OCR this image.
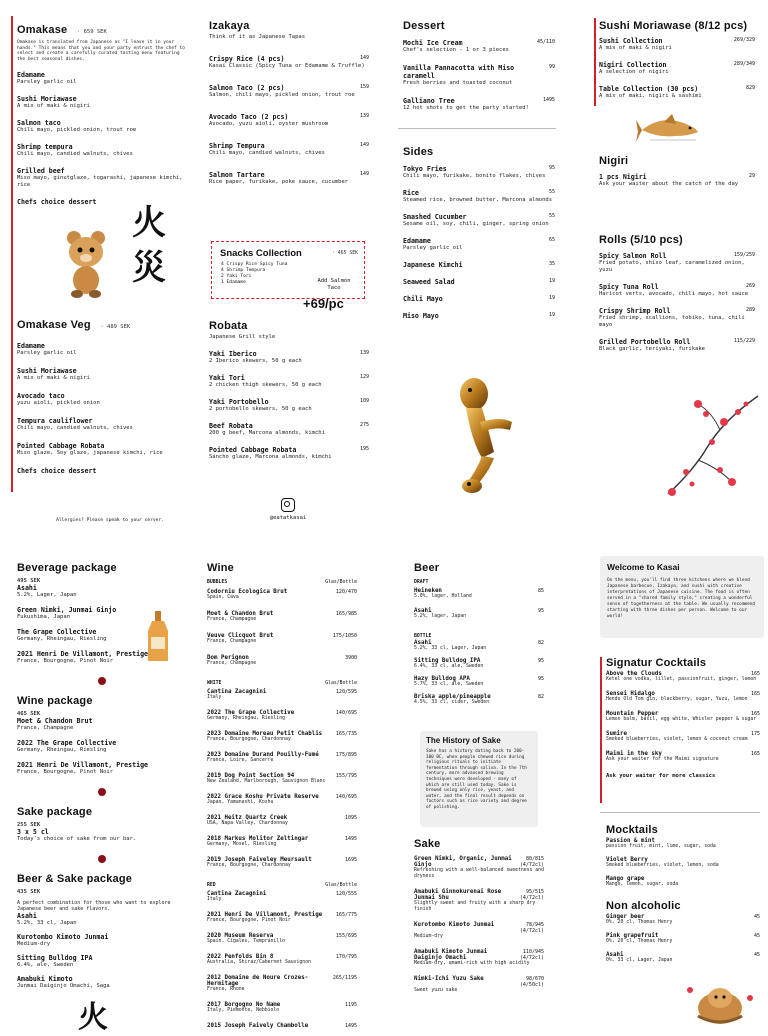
Omakase · 659 SEK
Omakase is translated from Japanese as "I leave it in your hands." This means that you and your party entrust the chef to select and create a carefully curated tasting menu featuring the best seasonal dishes.
Edamame
Parsley garlic oil
Sushi Moriawase
A mix of maki & nigiri
Salmon taco
Chili mayo, pickled onion, trout roe
Shrimp tempura
Chili mayo, candied walnuts, chives
Grilled beef
Miso mayo, ginutglaze, togarashi, japanese kimchi, rice
Chefs choice dessert
Omakase Veg · 489 SEK
Edamame
Parsley garlic oil
Sushi Moriawase
A mix of maki & nigiri
Avocado taco
yuzu aioli, pickled onion
Tempura cauliflower
Chili mayo, candied walnuts, chives
Pointed Cabbage Robata
Miso glaze, Soy glaze, japanese kimchi, rice
Chefs choice dessert
火
災
Izakaya
Think of it as Japanese Tapas
Crispy Rice (4 pcs)	149
Kasai Classic (Spicy Tuna or Edamame & Truffle)
Salmon Taco (2 pcs)	159
Salmon, chili mayo, pickled onion, trout roe
Avocado Taco (2 pcs)	139
Avocado, yuzu aioli, oyster mushroom
Shrimp Tempura	149
Chili mayo, candied walnuts, chives
Salmon Tartare	149
Rice paper, furikake, poke sauce, cucumber
Snacks Collection	· 465 SEK
4 Crispy Rice Spicy Tuna
4 Shrimp Tempura
2 Yaki Tori
1 Edamame	Add Salmon Taco
+69/pc
Robata
Japanese Grill style
Yaki Iberico	139
2 Iberico skewers, 50 g each
Yaki Tori	129
2 chicken thigh skewers, 50 g each
Yaki Portobello	109
2 portobello skewers, 50 g each
Beef Robata	275
200 g beef, Marcona almonds, kimchi
Pointed Cabbage Robata	195
Sancho glaze, Marcona almonds, kimchi
@eatatkasai
Allergies? Please speak to your server.
Dessert
Mochi Ice Cream	45/110
Chef's selection - 1 or 3 pieces
Vanilla Pannacotta with Miso caramell
99
Fresh berries and toasted coconut
Galliano Tree	1495
12 hot shots to get the party started!
Sides
Tokyo Fries	95
Chili mayo, furikake, bonito flakes, chives
Rice	55
Steamed rice, browned butter, Marcona almonds
Smashed Cucumber	55
Sesame oil, soy, chili, ginger, spring onion
Edamame	65
Parsley garlic oil
Japanese Kimchi	35
Seaweed Salad	19
Chili Mayo	19
Miso Mayo	19
Sushi Moriawase (8/12 pcs)
Sushi Collection	269/329
A mix of maki & nigiri
Nigiri Collection	289/349
A selection of nigiri
Table Collection (30 pcs)	829
A mix of maki, nigiri & sashimi
Nigiri
1 pcs Nigiri	29
Ask your waiter about the catch of the day
Rolls (5/10 pcs)
Spicy Salmon Roll	159/259
Fried potato, shiso leaf, caramelized onion, yuzu
Spicy Tuna Roll	269
Haricot verts, avocado, chili mayo, hot sauce
Crispy Shrimp Roll	289
Fried shrimp, scallions, tobiko, tuna, chili mayo
Grilled Portobello Roll	115/229
Black garlic, teriyaki, furikake
Beverage package
495 SEK
Asahi
5.2%, Lager, Japan
Green Nimki, Junmai Ginjo
Fukushima, Japan
The Grape Collective
Germany, Rheingau, Riesling
2021 Henri De Villamont, Prestige
France, Bourgogne, Pinot Noir
Wine package
465 SEK
Moet & Chandon Brut
France, Champagne
2022 The Grape Collective
Germany, Rheingau, Riesling
2021 Henri De Villamont, Prestige
France, Bourgogne, Pinot Noir
Sake package
255 SEK
3 x 5 cl
Today's choice of sake from our bar.
Beer & Sake package
435 SEK
A perfect combination for those who want to explore Japanese beer and sake flavors.
Asahi
5.2%, 33 cl, Japan
Kurotombo Kimoto Junmai
Medium-dry
Sitting Bulldog IPA
6.4%, ale, Sweden
Amabuki Kimoto
Junmai Daiginjo Omachi, Saga
火
Wine
BUBBLES	Glas/Bottle
Codorniu Ecologica Brut	120/470
Spain, Cava
Moet & Chandon Brut	165/985
France, Champagne
Veuve Clicquot Brut	175/1050
France, Champagne
Dom Perignon	3900
France, Champagne
WHITE	Glas/Bottle
Cantina Zacagnini	120/595
Italy
2022 The Grape Collective	140/695
Germany, Rheingau, Riesling
2023 Domaine Moreau Petit Chablis	165/735
France, Bourgogne, Chardonnay
2023 Domaine Durand Pouilly-Fumé	175/895
France, Loire, Sancerre
2019 Dog Point Section 94	155/795
New Zealand, Marlborough, Sauvignon Blanc
2022 Grace Koshu Private Reserve	140/695
Japan, Yamanashi, Koshu
2021 Heitz Quartz Creek	1095
USA, Napa Valley, Chardonnay
2018 Markus Molitor Zeltingar	1495
Germany, Mosel, Riesling
2019 Joseph Faiveley Meursault	1695
France, Bourgogne, Chardonnay
RED	Glas/Bottle
Cantina Zacagnini	120/555
Italy
2021 Henri De Villamont, Prestige	165/775
France, Bourgogne, Pinot Noir
2020 Museum Reserva	155/695
Spain, Cigales, Tempranillo
2022 Penfolds Bin 8	170/795
Australia, Shiraz/Cabernet Sauvignon
2012 Domaine de Noure Crozes-Hermitage
265/1195
France, Rhone
2017 Borgogno No Name	1195
Italy, Piemonte, Nebbiolo
2015 Joseph Faively Chambolle	1495
Beer
DRAFT
Heineken	85
5.0%, lager, Holland
Asahi	95
5.2%, lager, Japan
BOTTLE
Asahi	82
5.2%, 33 cl, Lager, Japan
Sitting Bulldog IPA	95
6.4%, 33 cl, ale, Sweden
Hazy Bulldog APA	95
5.7%, 33 cl, ale, Sweden
Briska apple/pineapple	82
4.5%, 33 cl, cider, Sweden
The History of Sake
Sake has a history dating back to 200-300 BC, when people chewed rice during religious rituals to initiate fermentation through saliva. In the 7th century, more advanced brewing techniques were developed - many of which are still used today. Sake is brewed using only rice, yeast, and water, and the final result depends on factors such as rice variety and degree of polishing.
Sake
Green Nimki, Organic, Junmai Ginjo
80/815
(4/72cl)
Refreshing with a well-balanced sweetness and dryness
Amabuki Ginnokurenai Rose Junmai Shu
95/515
(4/72cl)
Slightly sweet and fruity with a sharp dry finish
Kurotombo Kimoto Junmai	78/945
(4/72cl)
Medium-dry
Amabuki Kimoto Junmai Daiginjo Omachi
110/945
(4/72cl)
Medium-dry, umami-rich with high acidity
Nimki-Ichi Yuzu Sake	98/670
(4/50cl)
Sweet yuzu sake
Welcome to Kasai
On the menu, you'll find three kitchens where we blend Japanese barbecue, Izakaya, and sushi with creative interpretations of Japanese cuisine. The food is often served in a "shared family style," creating a wonderful sense of togetherness at the table. We usually recommend starting with three dishes per person. Welcome to our world!
Signatur Cocktails
Above the Clouds	165
Ketel one vodka, lillet, passionfruit, ginger, lemon
Sensei Hidalgo	165
Hendo Old Tom gin, blackberry, sugar, Yuzu, lemon
Mountain Pepper	165
Lemon balm, basil, egg white, Whisler pepper & sugar
Sumire	175
Smoked blueberries, violet, lemon & coconut cream
Maimi in the sky	165
Ask your waiter for the Maimi signature
Ask your waiter for more classics
Mocktails
Passion & mint
passion fruit, mint, lime, sugar, soda
Violet Berry
Smoked blueberries, violet, lemon, soda
Mango grape
Mango, lemon, sugar, soda
Non alcoholic
Ginger beer	45
0%, 20 cl, Thomas Henry
Pink grapefruit	45
0%, 20 cl, Thomas Henry
Asahi	45
0%, 33 cl, Lager, Japan
